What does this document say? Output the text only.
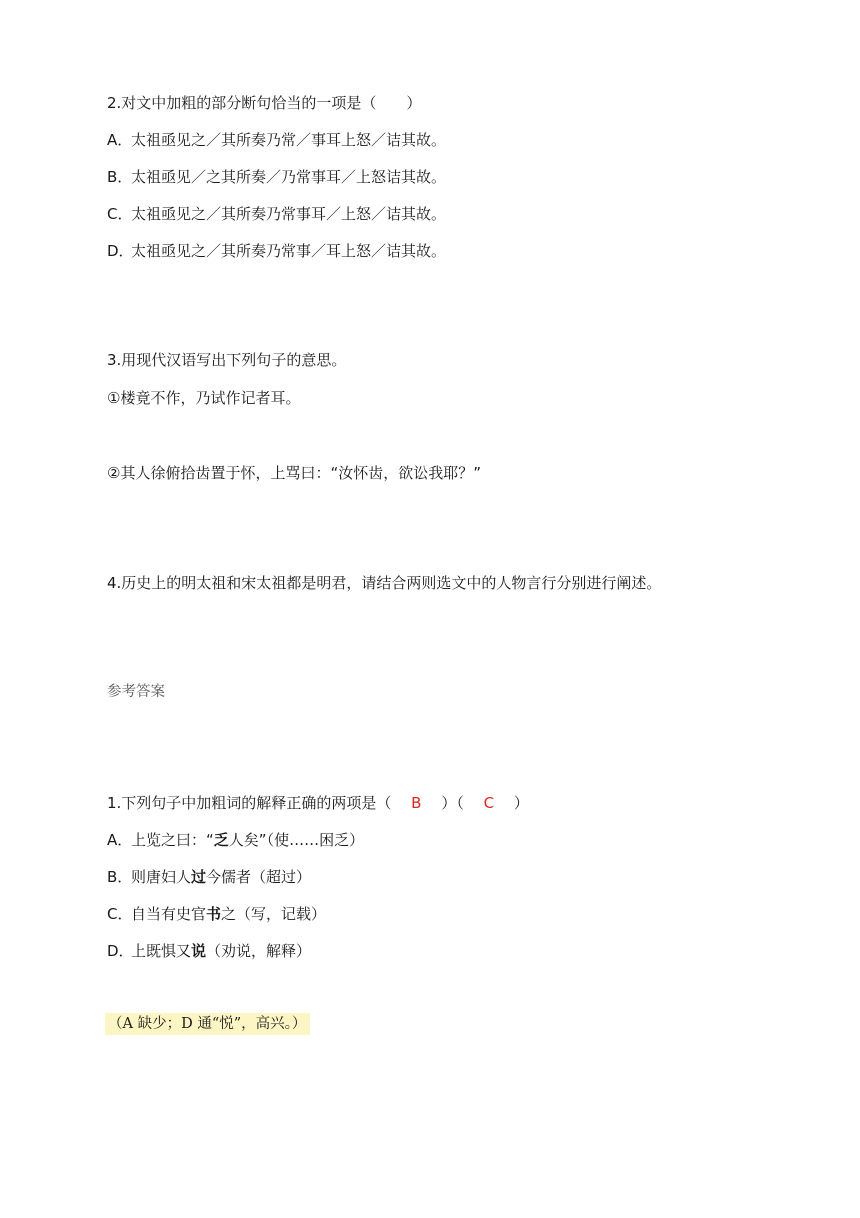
2.对文中加粗的部分断句恰当的一项是（　　）
A．太祖亟见之／其所奏乃常／事耳上怒／诘其故。
B．太祖亟见／之其所奏／乃常事耳／上怒诘其故。
C．太祖亟见之／其所奏乃常事耳／上怒／诘其故。
D．太祖亟见之／其所奏乃常事／耳上怒／诘其故。
3.用现代汉语写出下列句子的意思。
①楼竟不作，乃试作记者耳。
②其人徐俯拾齿置于怀，上骂曰：“汝怀齿，欲讼我耶？”
4.历史上的明太祖和宋太祖都是明君，请结合两则选文中的人物言行分别进行阐述。
参考答案
1.下列句子中加粗词的解释正确的两项是（ B ）（ C ）
A．上览之曰：“乏人矣”（使……困乏）
B．则唐妇人过今儒者（超过）
C．自当有史官书之（写，记载）
D．上既惧又说（劝说，解释）
（A 缺少；D 通“悦”，高兴。）
